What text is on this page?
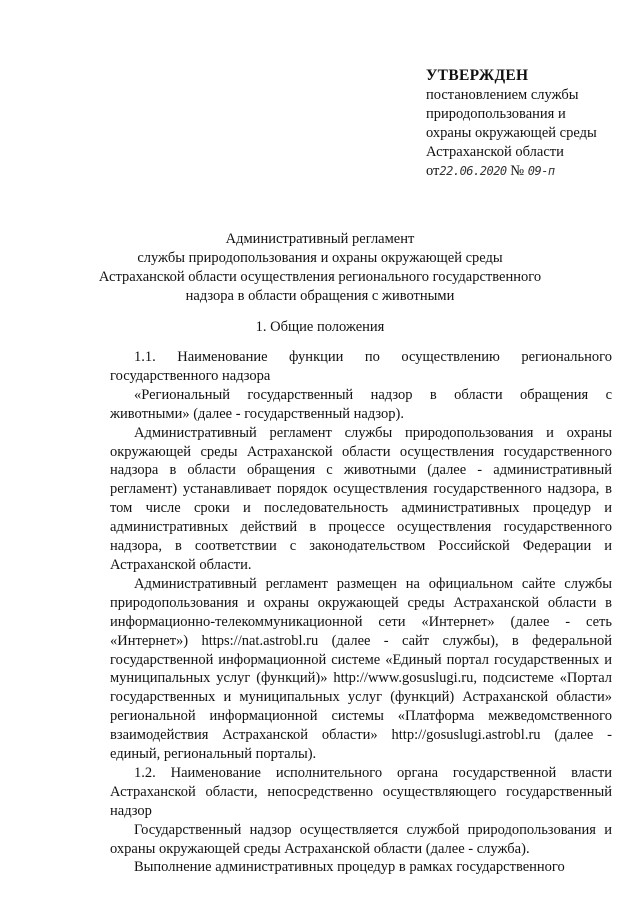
УТВЕРЖДЕН
постановлением службы
природопользования и
охраны окружающей среды
Астраханской области
от22.06.2020 № 09-п
Административный регламент
службы природопользования и охраны окружающей среды
Астраханской области осуществления регионального государственного
надзора в области обращения с животными
1. Общие положения

1.1. Наименование функции по осуществлению регионального государственного надзора

«Региональный государственный надзор в области обращения с животными» (далее - государственный надзор).

Административный регламент службы природопользования и охраны окружающей среды Астраханской области осуществления государственного надзора в области обращения с животными (далее - административный регламент) устанавливает порядок осуществления государственного надзора, в том числе сроки и последовательность административных процедур и административных действий в процессе осуществления государственного надзора, в соответствии с законодательством Российской Федерации и Астраханской области.

Административный регламент размещен на официальном сайте службы природопользования и охраны окружающей среды Астраханской области в информационно-телекоммуникационной сети «Интернет» (далее - сеть «Интернет») https://nat.astrobl.ru (далее - сайт службы), в федеральной государственной информационной системе «Единый портал государственных и муниципальных услуг (функций)» http://www.gosuslugi.ru, подсистеме «Портал государственных и муниципальных услуг (функций) Астраханской области» региональной информационной системы «Платформа межведомственного взаимодействия Астраханской области» http://gosuslugi.astrobl.ru (далее - единый, региональный порталы).

1.2. Наименование исполнительного органа государственной власти Астраханской области, непосредственно осуществляющего государственный надзор

Государственный надзор осуществляется службой природопользования и охраны окружающей среды Астраханской области (далее - служба).

Выполнение административных процедур в рамках государственного
